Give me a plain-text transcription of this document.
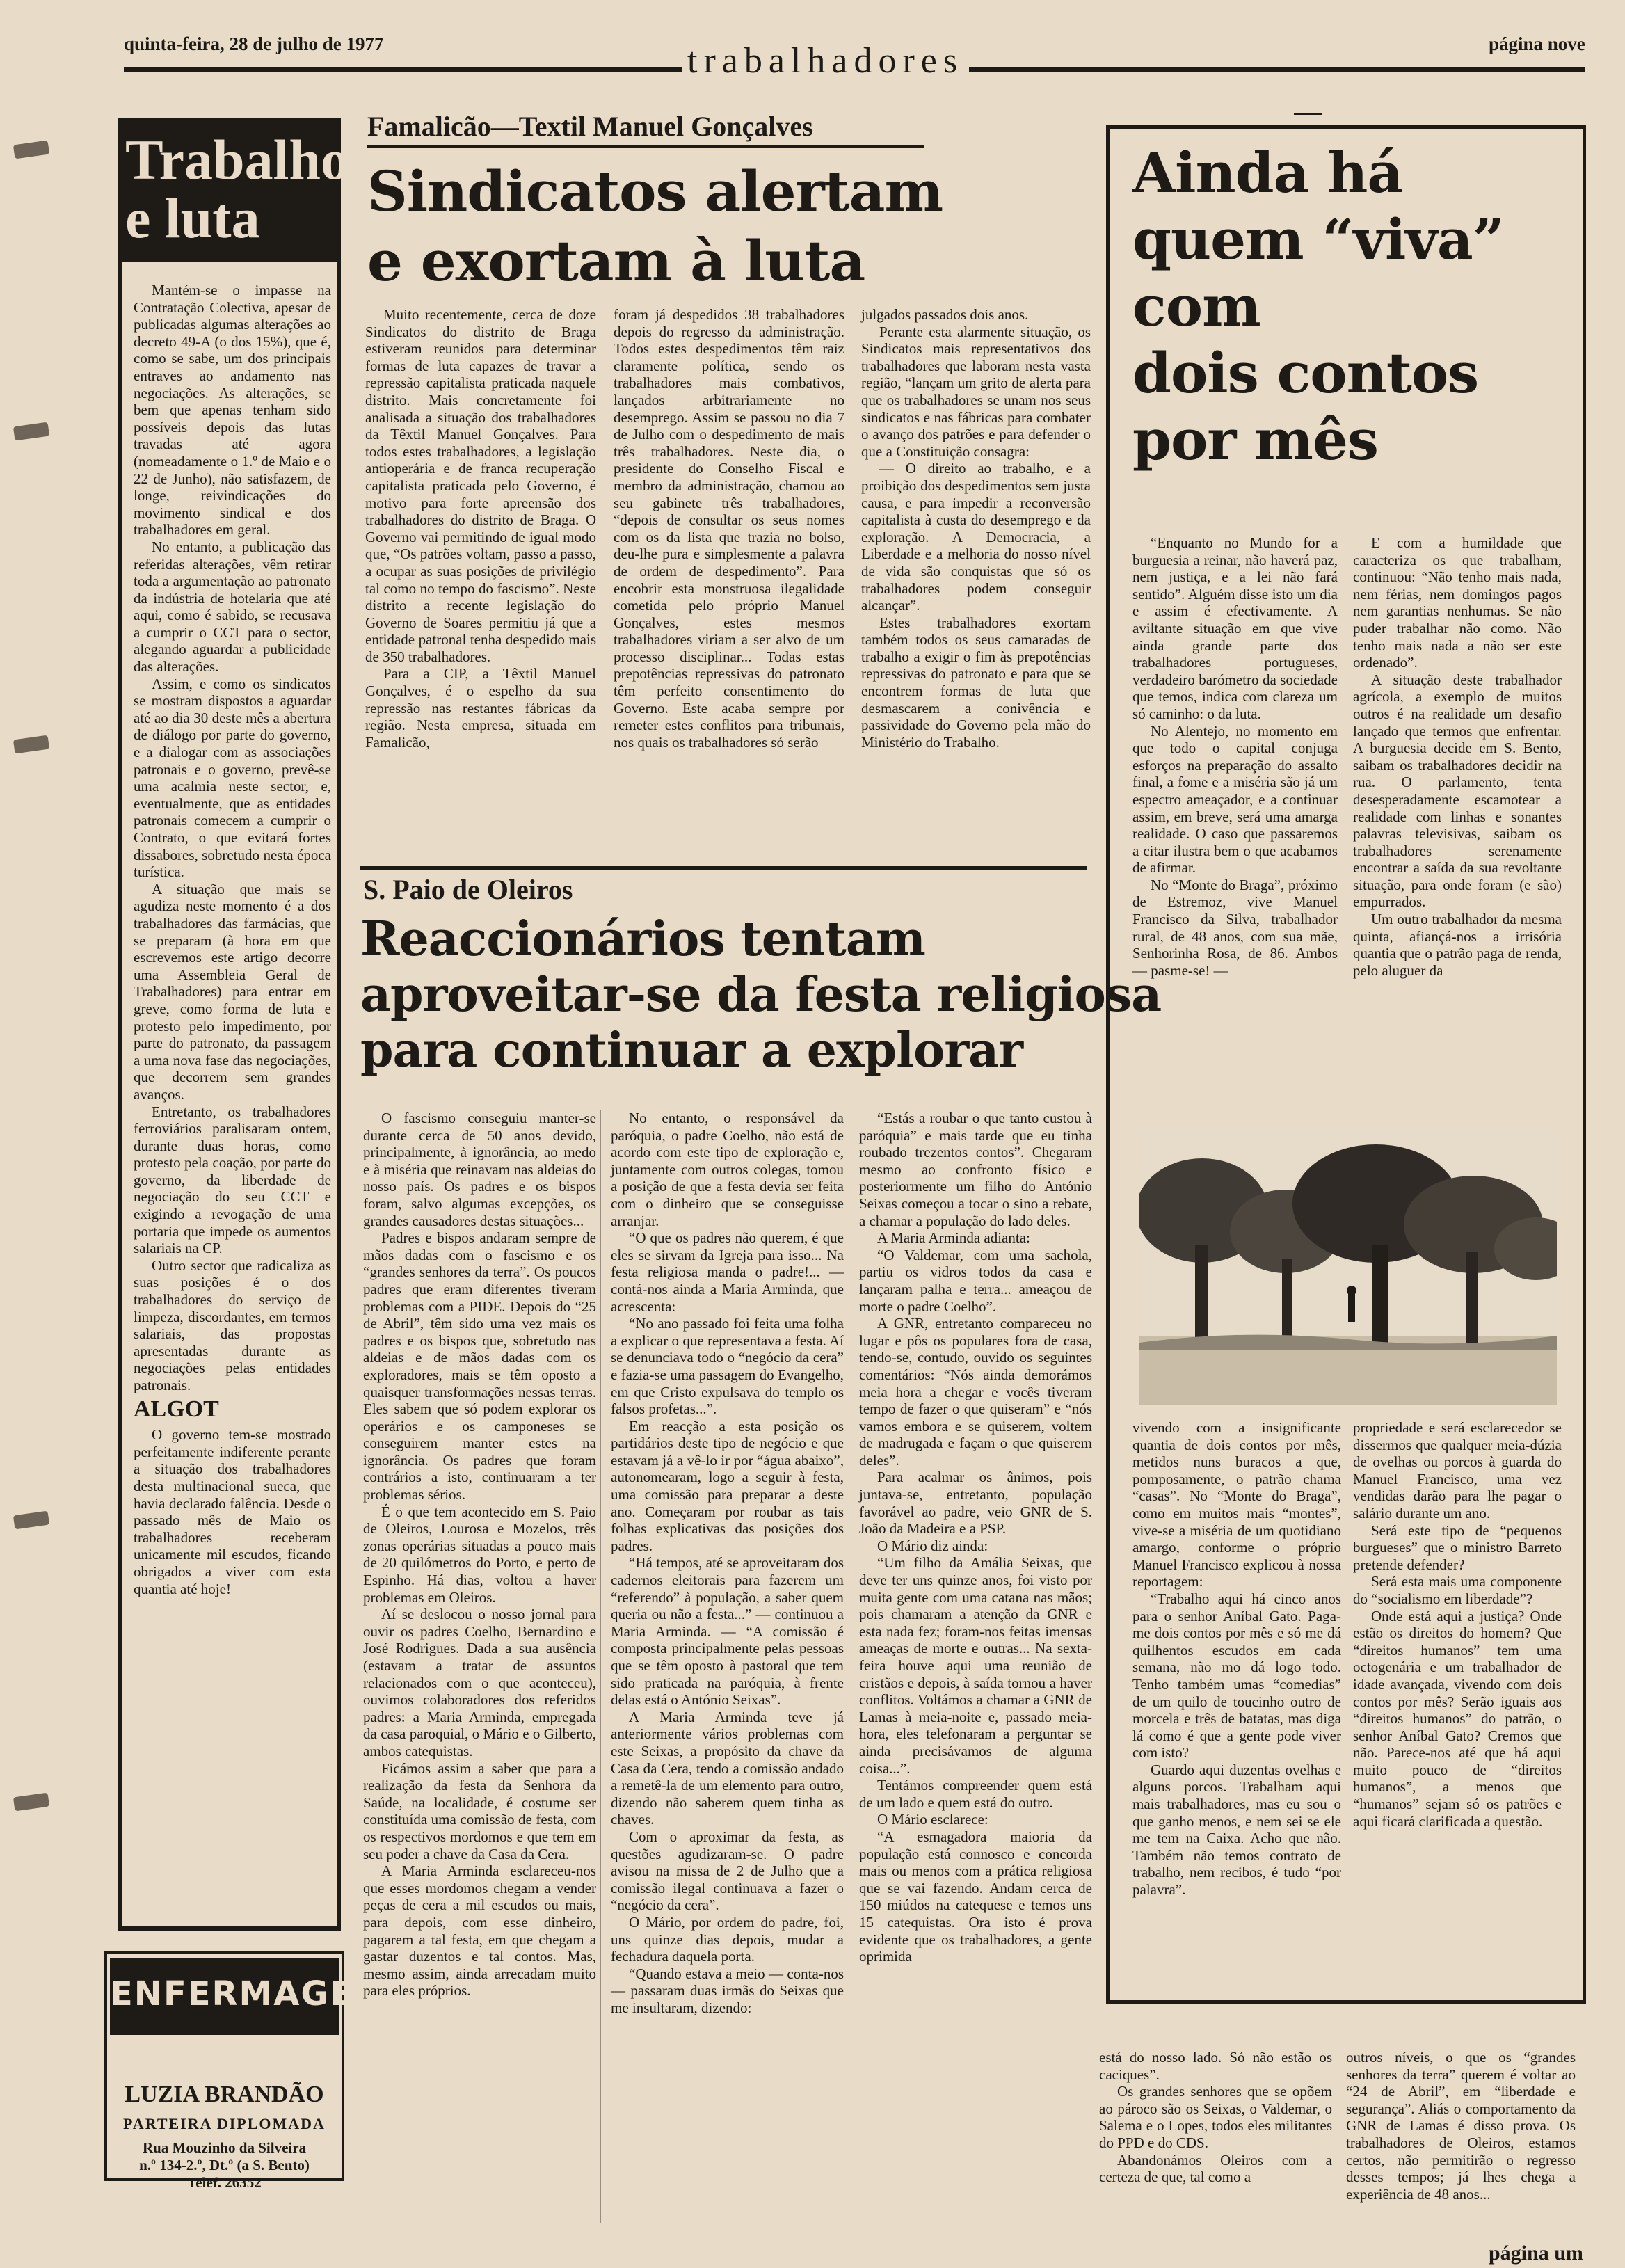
quinta-feira, 28 de julho de 1977	trabalhadores	página nove
Trabalho
e luta

Mantém-se o impasse na Contratação Colectiva, apesar de publicadas algumas alterações ao decreto 49-A (o dos 15%), que é, como se sabe, um dos principais entraves ao andamento nas negociações. As alterações, se bem que apenas tenham sido possíveis depois das lutas travadas até agora (nomeadamente o 1.º de Maio e o 22 de Junho), não satisfazem, de longe, reivindicações do movimento sindical e dos trabalhadores em geral.

No entanto, a publicação das referidas alterações, vêm retirar toda a argumentação ao patronato da indústria de hotelaria que até aqui, como é sabido, se recusava a cumprir o CCT para o sector, alegando aguardar a publicidade das alterações.

Assim, e como os sindicatos se mostram dispostos a aguardar até ao dia 30 deste mês a abertura de diálogo por parte do governo, e a dialogar com as associações patronais e o governo, prevê-se uma acalmia neste sector, e, eventualmente, que as entidades patronais comecem a cumprir o Contrato, o que evitará fortes dissabores, sobretudo nesta época turística.

A situação que mais se agudiza neste momento é a dos trabalhadores das farmácias, que se preparam (à hora em que escrevemos este artigo decorre uma Assembleia Geral de Trabalhadores) para entrar em greve, como forma de luta e protesto pelo impedimento, por parte do patronato, da passagem a uma nova fase das negociações, que decorrem sem grandes avanços.

Entretanto, os trabalhadores ferroviários paralisaram ontem, durante duas horas, como protesto pela coação, por parte do governo, da liberdade de negociação do seu CCT e exigindo a revogação de uma portaria que impede os aumentos salariais na CP.

Outro sector que radicaliza as suas posições é o dos trabalhadores do serviço de limpeza, discordantes, em termos salariais, das propostas apresentadas durante as negociações pelas entidades patronais.

ALGOT

O governo tem-se mostrado perfeitamente indiferente perante a situação dos trabalhadores desta multinacional sueca, que havia declarado falência. Desde o passado mês de Maio os trabalhadores receberam unicamente mil escudos, ficando obrigados a viver com esta quantia até hoje!

ENFERMAGEM
LUZIA BRANDÃO
PARTEIRA DIPLOMADA
Rua Mouzinho da Silveira
n.º 134-2.º, Dt.º (a S. Bento)
Telef. 26352
Famalicão—Textil Manuel Gonçalves
Sindicatos alertam
e exortam à luta

Muito recentemente, cerca de doze Sindicatos do distrito de Braga estiveram reunidos para determinar formas de luta capazes de travar a repressão capitalista praticada naquele distrito. Mais concretamente foi analisada a situação dos trabalhadores da Têxtil Manuel Gonçalves. Para todos estes trabalhadores, a legislação antioperária e de franca recuperação capitalista praticada pelo Governo, é motivo para forte apreensão dos trabalhadores do distrito de Braga. O Governo vai permitindo de igual modo que, “Os patrões voltam, passo a passo, a ocupar as suas posições de privilégio tal como no tempo do fascismo”. Neste distrito a recente legislação do Governo de Soares permitiu já que a entidade patronal tenha despedido mais de 350 trabalhadores.

Para a CIP, a Têxtil Manuel Gonçalves, é o espelho da sua repressão nas restantes fábricas da região. Nesta empresa, situada em Famalicão,

foram já despedidos 38 trabalhadores depois do regresso da administração. Todos estes despedimentos têm raiz claramente política, sendo os trabalhadores mais combativos, lançados arbitrariamente no desemprego. Assim se passou no dia 7 de Julho com o despedimento de mais três trabalhadores. Neste dia, o presidente do Conselho Fiscal e membro da administração, chamou ao seu gabinete três trabalhadores, “depois de consultar os seus nomes com os da lista que trazia no bolso, deu-lhe pura e simplesmente a palavra de ordem de despedimento”. Para encobrir esta monstruosa ilegalidade cometida pelo próprio Manuel Gonçalves, estes mesmos trabalhadores viriam a ser alvo de um processo disciplinar... Todas estas prepotências repressivas do patronato têm perfeito consentimento do Governo. Este acaba sempre por remeter estes conflitos para tribunais, nos quais os trabalhadores só serão

julgados passados dois anos.

Perante esta alarmente situação, os Sindicatos mais representativos dos trabalhadores que laboram nesta vasta região, “lançam um grito de alerta para que os trabalhadores se unam nos seus sindicatos e nas fábricas para combater o avanço dos patrões e para defender o que a Constituição consagra:

— O direito ao trabalho, e a proibição dos despedimentos sem justa causa, e para impedir a reconversão capitalista à custa do desemprego e da exploração. A Democracia, a Liberdade e a melhoria do nosso nível de vida são conquistas que só os trabalhadores podem conseguir alcançar”.

Estes trabalhadores exortam também todos os seus camaradas de trabalho a exigir o fim às prepotências repressivas do patronato e para que se encontrem formas de luta que desmascarem a conivência e passividade do Governo pela mão do Ministério do Trabalho.

S. Paio de Oleiros
Reaccionários tentam
aproveitar-se da festa religiosa
para continuar a explorar

O fascismo conseguiu manter-se durante cerca de 50 anos devido, principalmente, à ignorância, ao medo e à miséria que reinavam nas aldeias do nosso país. Os padres e os bispos foram, salvo algumas excepções, os grandes causadores destas situações...

Padres e bispos andaram sempre de mãos dadas com o fascismo e os “grandes senhores da terra”. Os poucos padres que eram diferentes tiveram problemas com a PIDE. Depois do “25 de Abril”, têm sido uma vez mais os padres e os bispos que, sobretudo nas aldeias e de mãos dadas com os exploradores, mais se têm oposto a quaisquer transformações nessas terras. Eles sabem que só podem explorar os operários e os camponeses se conseguirem manter estes na ignorância. Os padres que foram contrários a isto, continuaram a ter problemas sérios.

É o que tem acontecido em S. Paio de Oleiros, Lourosa e Mozelos, três zonas operárias situadas a pouco mais de 20 quilómetros do Porto, e perto de Espinho. Há dias, voltou a haver problemas em Oleiros.

Aí se deslocou o nosso jornal para ouvir os padres Coelho, Bernardino e José Rodrigues. Dada a sua ausência (estavam a tratar de assuntos relacionados com o que aconteceu), ouvimos colaboradores dos referidos padres: a Maria Arminda, empregada da casa paroquial, o Mário e o Gilberto, ambos catequistas.

Ficámos assim a saber que para a realização da festa da Senhora da Saúde, na localidade, é costume ser constituída uma comissão de festa, com os respectivos mordomos e que tem em seu poder a chave da Casa da Cera.

A Maria Arminda esclareceu-nos que esses mordomos chegam a vender peças de cera a mil escudos ou mais, para depois, com esse dinheiro, pagarem a tal festa, em que chegam a gastar duzentos e tal contos. Mas, mesmo assim, ainda arrecadam muito para eles próprios.

No entanto, o responsável da paróquia, o padre Coelho, não está de acordo com este tipo de exploração e, juntamente com outros colegas, tomou a posição de que a festa devia ser feita com o dinheiro que se conseguisse arranjar.

“O que os padres não querem, é que eles se sirvam da Igreja para isso... Na festa religiosa manda o padre!... — contá-nos ainda a Maria Arminda, que acrescenta:

“No ano passado foi feita uma folha a explicar o que representava a festa. Aí se denunciava todo o “negócio da cera” e fazia-se uma passagem do Evangelho, em que Cristo expulsava do templo os falsos profetas...”.

Em reacção a esta posição os partidários deste tipo de negócio e que estavam já a vê-lo ir por “água abaixo”, autonomearam, logo a seguir à festa, uma comissão para preparar a deste ano. Começaram por roubar as tais folhas explicativas das posições dos padres.

“Há tempos, até se aproveitaram dos cadernos eleitorais para fazerem um “referendo” à população, a saber quem queria ou não a festa...” — continuou a Maria Arminda. — “A comissão é composta principalmente pelas pessoas que se têm oposto à pastoral que tem sido praticada na paróquia, à frente delas está o António Seixas”.

A Maria Arminda teve já anteriormente vários problemas com este Seixas, a propósito da chave da Casa da Cera, tendo a comissão andado a remetê-la de um elemento para outro, dizendo não saberem quem tinha as chaves.

Com o aproximar da festa, as questões agudizaram-se. O padre avisou na missa de 2 de Julho que a comissão ilegal continuava a fazer o “negócio da cera”.

O Mário, por ordem do padre, foi, uns quinze dias depois, mudar a fechadura daquela porta.

“Quando estava a meio — conta-nos — passaram duas irmãs do Seixas que me insultaram, dizendo:

“Estás a roubar o que tanto custou à paróquia” e mais tarde que eu tinha roubado trezentos contos”. Chegaram mesmo ao confronto físico e posteriormente um filho do António Seixas começou a tocar o sino a rebate, a chamar a população do lado deles.

A Maria Arminda adianta:

“O Valdemar, com uma sachola, partiu os vidros todos da casa e lançaram palha e terra... ameaçou de morte o padre Coelho”.

A GNR, entretanto compareceu no lugar e pôs os populares fora de casa, tendo-se, contudo, ouvido os seguintes comentários: “Nós ainda demorámos meia hora a chegar e vocês tiveram tempo de fazer o que quiseram” e “nós vamos embora e se quiserem, voltem de madrugada e façam o que quiserem deles”.

Para acalmar os ânimos, pois juntava-se, entretanto, população favorável ao padre, veio GNR de S. João da Madeira e a PSP.

O Mário diz ainda:

“Um filho da Amália Seixas, que deve ter uns quinze anos, foi visto por muita gente com uma catana nas mãos; pois chamaram a atenção da GNR e esta nada fez; foram-nos feitas imensas ameaças de morte e outras... Na sexta-feira houve aqui uma reunião de cristãos e depois, à saída tornou a haver conflitos. Voltámos a chamar a GNR de Lamas à meia-noite e, passado meia-hora, eles telefonaram a perguntar se ainda precisávamos de alguma coisa...”.

Tentámos compreender quem está de um lado e quem está do outro.

O Mário esclarece:

“A esmagadora maioria da população está connosco e concorda mais ou menos com a prática religiosa que se vai fazendo. Andam cerca de 150 miúdos na catequese e temos uns 15 catequistas. Ora isto é prova evidente que os trabalhadores, a gente oprimida

está do nosso lado. Só não estão os caciques”.

Os grandes senhores que se opõem ao pároco são os Seixas, o Valdemar, o Salema e o Lopes, todos eles militantes do PPD e do CDS.

Abandonámos Oleiros com a certeza de que, tal como a

outros níveis, o que os “grandes senhores da terra” querem é voltar ao “24 de Abril”, em “liberdade e segurança”. Aliás o comportamento da GNR de Lamas é disso prova. Os trabalhadores de Oleiros, estamos certos, não permitirão o regresso desses tempos; já lhes chega a experiência de 48 anos...

Ainda há
quem “viva”
com
dois contos
por mês

“Enquanto no Mundo for a burguesia a reinar, não haverá paz, nem justiça, e a lei não fará sentido”. Alguém disse isto um dia e assim é efectivamente. A aviltante situação em que vive ainda grande parte dos trabalhadores portugueses, verdadeiro barómetro da sociedade que temos, indica com clareza um só caminho: o da luta.

No Alentejo, no momento em que todo o capital conjuga esforços na preparação do assalto final, a fome e a miséria são já um espectro ameaçador, e a continuar assim, em breve, será uma amarga realidade. O caso que passaremos a citar ilustra bem o que acabamos de afirmar.

No “Monte do Braga”, próximo de Estremoz, vive Manuel Francisco da Silva, trabalhador rural, de 48 anos, com sua mãe, Senhorinha Rosa, de 86. Ambos — pasme-se! —

E com a humildade que caracteriza os que trabalham, continuou: “Não tenho mais nada, nem férias, nem domingos pagos nem garantias nenhumas. Se não puder trabalhar não como. Não tenho mais nada a não ser este ordenado”.

A situação deste trabalhador agrícola, a exemplo de muitos outros é na realidade um desafio lançado que termos que enfrentar. A burguesia decide em S. Bento, saibam os trabalhadores decidir na rua. O parlamento, tenta desesperadamente escamotear a realidade com linhas e sonantes palavras televisivas, saibam os trabalhadores serenamente encontrar a saída da sua revoltante situação, para onde foram (e são) empurrados.

Um outro trabalhador da mesma quinta, afiançá-nos a irrisória quantia que o patrão paga de renda, pelo aluguer da

vivendo com a insignificante quantia de dois contos por mês, metidos nuns buracos a que, pomposamente, o patrão chama “casas”. No “Monte do Braga”, como em muitos mais “montes”, vive-se a miséria de um quotidiano amargo, conforme o próprio Manuel Francisco explicou à nossa reportagem:

“Trabalho aqui há cinco anos para o senhor Aníbal Gato. Paga-me dois contos por mês e só me dá quilhentos escudos em cada semana, não mo dá logo todo. Tenho também umas “comedias” de um quilo de toucinho outro de morcela e três de batatas, mas diga lá como é que a gente pode viver com isto?

Guardo aqui duzentas ovelhas e alguns porcos. Trabalham aqui mais trabalhadores, mas eu sou o que ganho menos, e nem sei se ele me tem na Caixa. Acho que não. Também não temos contrato de trabalho, nem recibos, é tudo “por palavra”.

propriedade e será esclarecedor se dissermos que qualquer meia-dúzia de ovelhas ou porcos à guarda do Manuel Francisco, uma vez vendidas darão para lhe pagar o salário durante um ano.

Será este tipo de “pequenos burgueses” que o ministro Barreto pretende defender?

Será esta mais uma componente do “socialismo em liberdade”?

Onde está aqui a justiça? Onde estão os direitos do homem? Que “direitos humanos” tem uma octogenária e um trabalhador de idade avançada, vivendo com dois contos por mês? Serão iguais aos “direitos humanos” do patrão, o senhor Aníbal Gato? Cremos que não. Parece-nos até que há aqui muito pouco de “direitos humanos”, a menos que “humanos” sejam só os patrões e aqui ficará clarificada a questão.

página um
